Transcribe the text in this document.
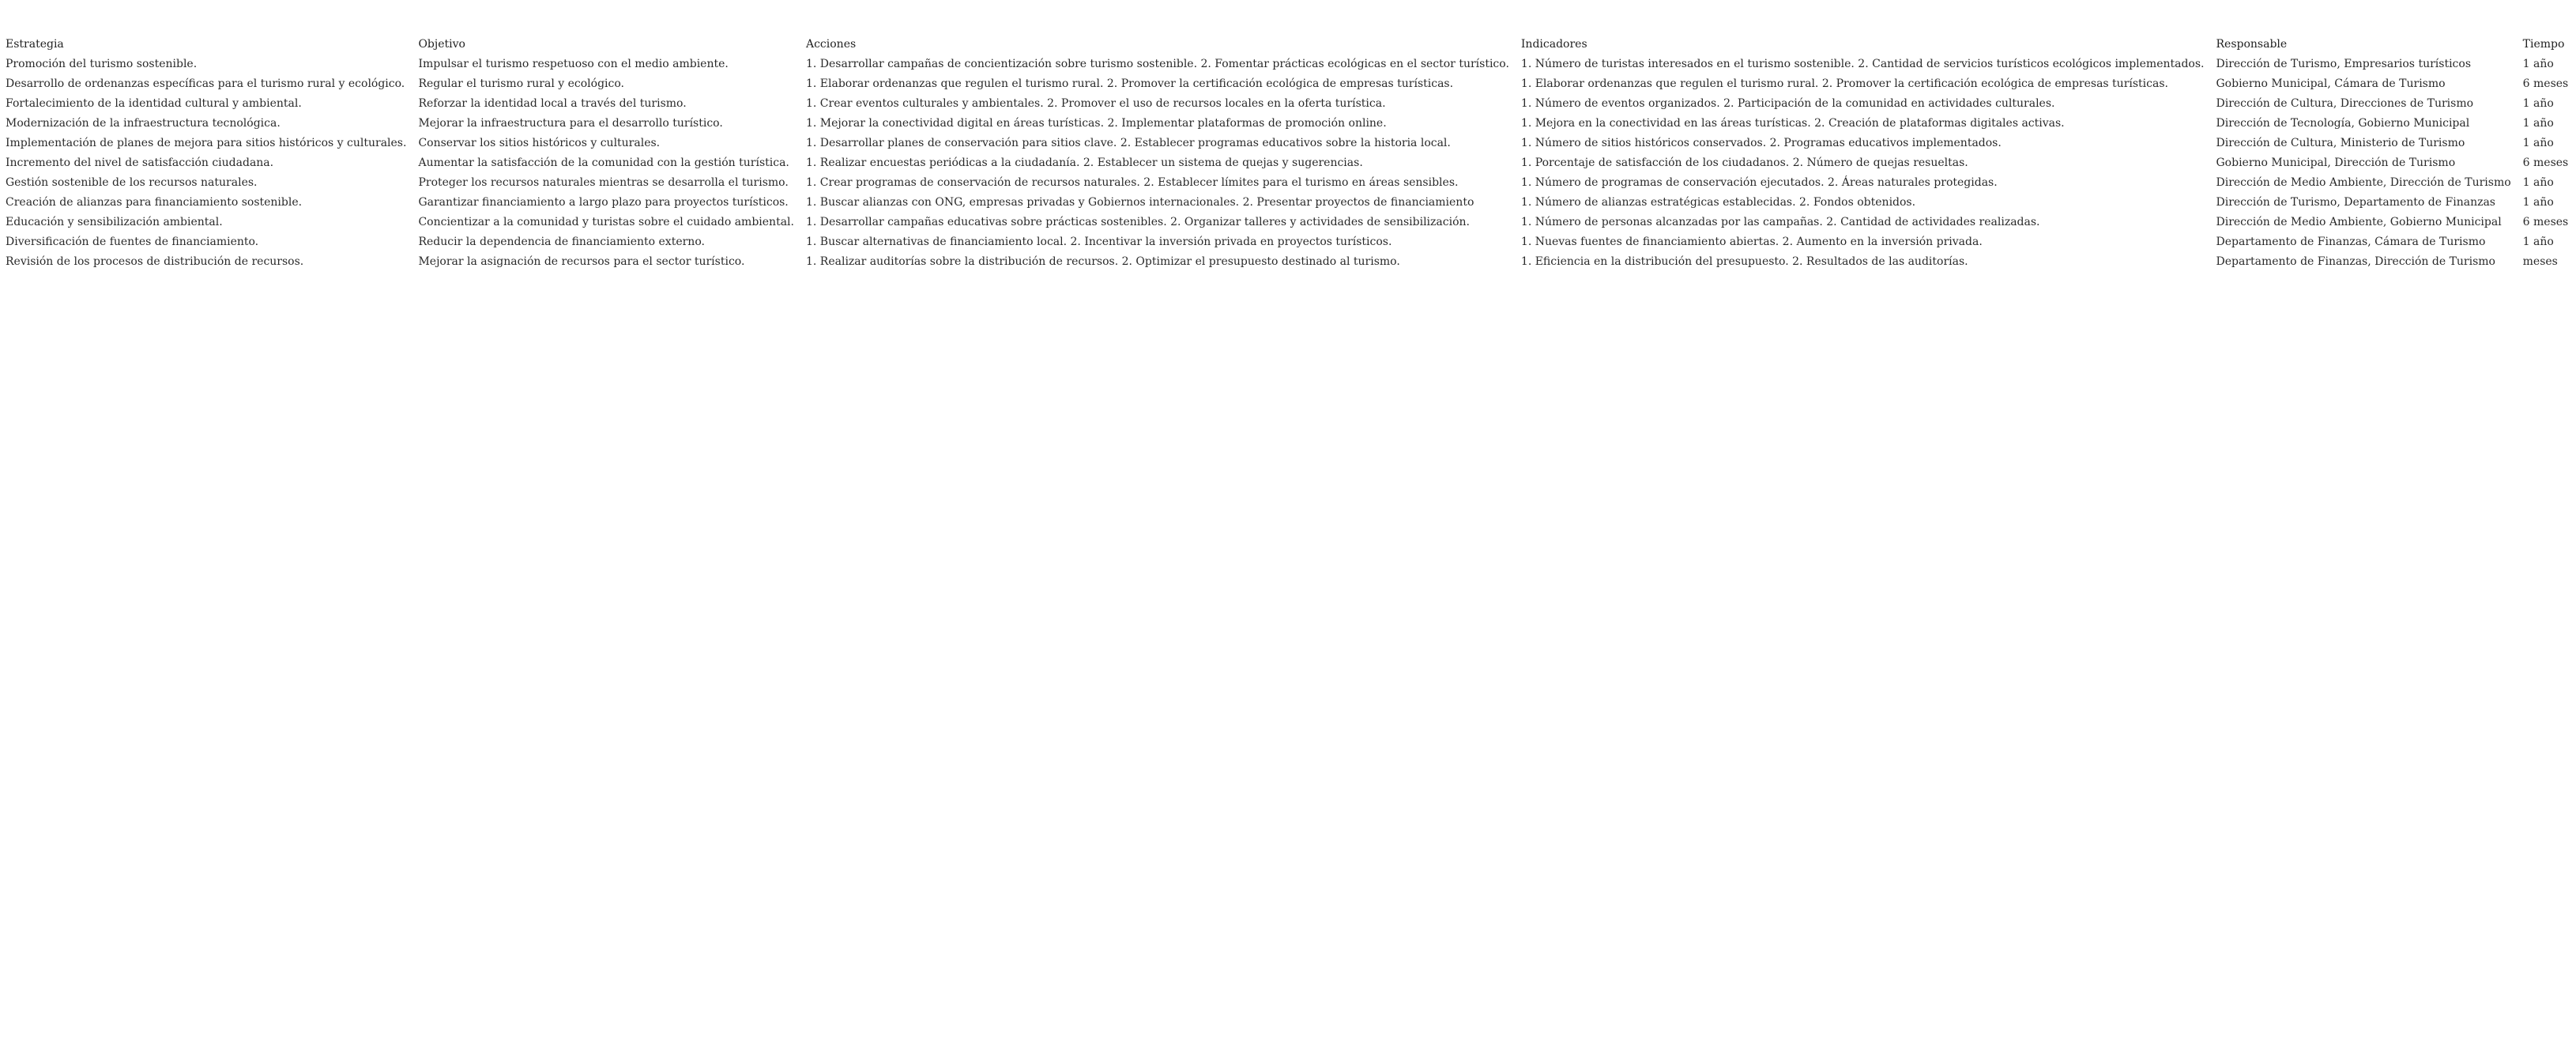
Estrategia	Objetivo	Acciones	Indicadores	Responsable	Tiempo
Promoción del turismo sostenible.	Impulsar el turismo respetuoso con el medio ambiente.	1. Desarrollar campañas de concientización sobre turismo sostenible. 2. Fomentar prácticas ecológicas en el sector turístico.	1. Número de turistas interesados en el turismo sostenible. 2. Cantidad de servicios turísticos ecológicos implementados.	Dirección de Turismo, Empresarios turísticos	1 año
Desarrollo de ordenanzas específicas para el turismo rural y ecológico.	Regular el turismo rural y ecológico.	1. Elaborar ordenanzas que regulen el turismo rural. 2. Promover la certificación ecológica de empresas turísticas.	1. Elaborar ordenanzas que regulen el turismo rural. 2. Promover la certificación ecológica de empresas turísticas.	Gobierno Municipal, Cámara de Turismo	6 meses
Fortalecimiento de la identidad cultural y ambiental.	Reforzar la identidad local a través del turismo.	1. Crear eventos culturales y ambientales. 2. Promover el uso de recursos locales en la oferta turística.	1. Número de eventos organizados. 2. Participación de la comunidad en actividades culturales.	Dirección de Cultura, Direcciones de Turismo	1 año
Modernización de la infraestructura tecnológica.	Mejorar la infraestructura para el desarrollo turístico.	1. Mejorar la conectividad digital en áreas turísticas. 2. Implementar plataformas de promoción online.	1. Mejora en la conectividad en las áreas turísticas. 2. Creación de plataformas digitales activas.	Dirección de Tecnología, Gobierno Municipal	1 año
Implementación de planes de mejora para sitios históricos y culturales.	Conservar los sitios históricos y culturales.	1. Desarrollar planes de conservación para sitios clave. 2. Establecer programas educativos sobre la historia local.	1. Número de sitios históricos conservados. 2. Programas educativos implementados.	Dirección de Cultura, Ministerio de Turismo	1 año
Incremento del nivel de satisfacción ciudadana.	Aumentar la satisfacción de la comunidad con la gestión turística.	1. Realizar encuestas periódicas a la ciudadanía. 2. Establecer un sistema de quejas y sugerencias.	1. Porcentaje de satisfacción de los ciudadanos. 2. Número de quejas resueltas.	Gobierno Municipal, Dirección de Turismo	6 meses
Gestión sostenible de los recursos naturales.	Proteger los recursos naturales mientras se desarrolla el turismo.	1. Crear programas de conservación de recursos naturales. 2. Establecer límites para el turismo en áreas sensibles.	1. Número de programas de conservación ejecutados. 2. Áreas naturales protegidas.	Dirección de Medio Ambiente, Dirección de Turismo	1 año
Creación de alianzas para financiamiento sostenible.	Garantizar financiamiento a largo plazo para proyectos turísticos.	1. Buscar alianzas con ONG, empresas privadas y Gobiernos internacionales. 2. Presentar proyectos de financiamiento	1. Número de alianzas estratégicas establecidas. 2. Fondos obtenidos.	Dirección de Turismo, Departamento de Finanzas	1 año
Educación y sensibilización ambiental.	Concientizar a la comunidad y turistas sobre el cuidado ambiental.	1. Desarrollar campañas educativas sobre prácticas sostenibles. 2. Organizar talleres y actividades de sensibilización.	1. Número de personas alcanzadas por las campañas. 2. Cantidad de actividades realizadas.	Dirección de Medio Ambiente, Gobierno Municipal	6 meses
Diversificación de fuentes de financiamiento.	Reducir la dependencia de financiamiento externo.	1. Buscar alternativas de financiamiento local. 2. Incentivar la inversión privada en proyectos turísticos.	1. Nuevas fuentes de financiamiento abiertas. 2. Aumento en la inversión privada.	Departamento de Finanzas, Cámara de Turismo	1 año
Revisión de los procesos de distribución de recursos.	Mejorar la asignación de recursos para el sector turístico.	1. Realizar auditorías sobre la distribución de recursos. 2. Optimizar el presupuesto destinado al turismo.	1. Eficiencia en la distribución del presupuesto. 2. Resultados de las auditorías.	Departamento de Finanzas, Dirección de Turismo	meses
